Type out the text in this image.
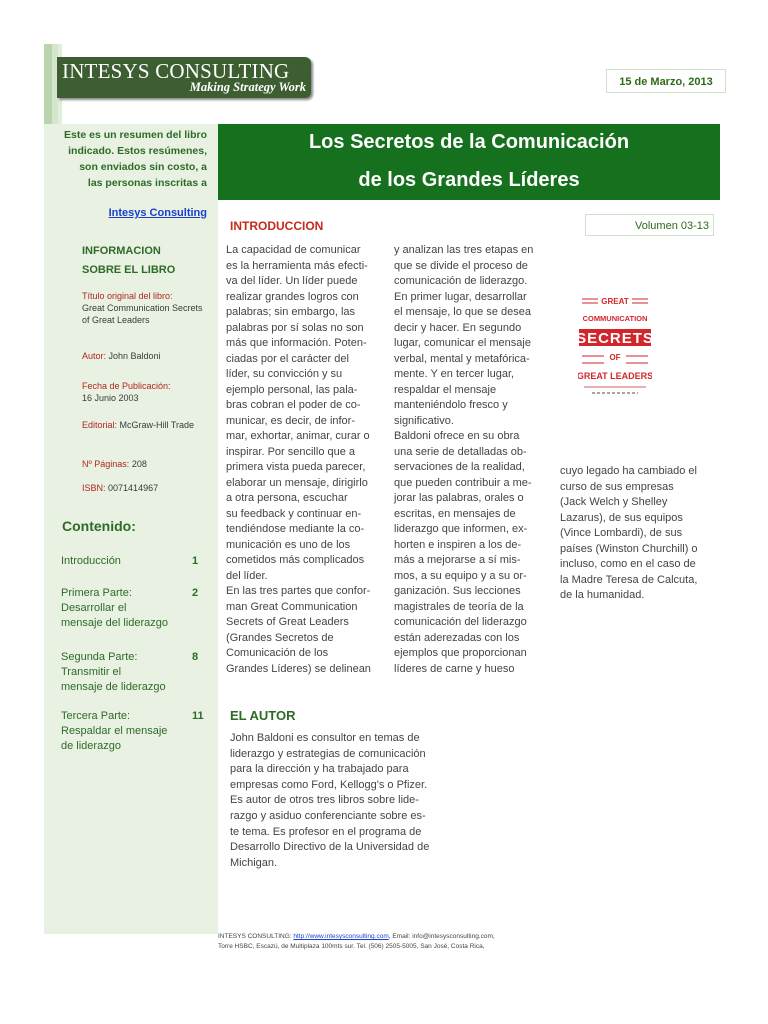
INTESYS CONSULTING
Making Strategy Work	15 de Marzo, 2013
Los Secretos de la Comunicación
de los Grandes Líderes
Este es un resumen del libro indicado. Estos resúmenes, son enviados sin costo, a las personas inscritas a
Intesys Consulting
INFORMACION
SOBRE EL LIBRO
Título original del libro:
Great Communication Secrets of Great Leaders
Autor: John Baldoni
Fecha de Publicación:
16 Junio 2003
Editorial: McGraw-Hill Trade
Nº Páginas: 208
ISBN: 0071414967
Contenido:
Introducción	1
Primera Parte:
Desarrollar el
mensaje del liderazgo
2
Segunda Parte:
Transmitir el
mensaje de liderazgo
8
Tercera Parte:
Respaldar el mensaje
de liderazgo
11
INTRODUCCION	Volumen 03-13
La capacidad de comunicar
es la herramienta más efecti-
va del líder. Un líder puede
realizar grandes logros con
palabras; sin embargo, las
palabras por sí solas no son
más que información. Poten-
ciadas por el carácter del
líder, su convicción y su
ejemplo personal, las pala-
bras cobran el poder de co-
municar, es decir, de infor-
mar, exhortar, animar, curar o
inspirar. Por sencillo que a
primera vista pueda parecer,
elaborar un mensaje, dirigirlo
a otra persona, escuchar
su feedback y continuar en-
tendiéndose mediante la co-
municación es uno de los
cometidos más complicados
del líder.
En las tres partes que confor-
man Great Communication
Secrets of Great Leaders
(Grandes Secretos de
Comunicación de los
Grandes Líderes) se delinean
y analizan las tres etapas en
que se divide el proceso de
comunicación de liderazgo.
En primer lugar, desarrollar
el mensaje, lo que se desea
decir y hacer. En segundo
lugar, comunicar el mensaje
verbal, mental y metafórica-
mente. Y en tercer lugar,
respaldar el mensaje
manteniéndolo fresco y
significativo.
Baldoni ofrece en su obra
una serie de detalladas ob-
servaciones de la realidad,
que pueden contribuir a me-
jorar las palabras, orales o
escritas, en mensajes de
liderazgo que informen, ex-
horten e inspiren a los de-
más a mejorarse a sí mis-
mos, a su equipo y a su or-
ganización. Sus lecciones
magistrales de teoría de la
comunicación del liderazgo
están aderezadas con los
ejemplos que proporcionan
líderes de carne y hueso
cuyo legado ha cambiado el
curso de sus empresas
(Jack Welch y Shelley
Lazarus), de sus equipos
(Vince Lombardi), de sus
países (Winston Churchill) o
incluso, como en el caso de
la Madre Teresa de Calcuta,
de la humanidad.
GREAT
COMMUNICATION
SECRETS
OF
GREAT LEADERS
EL AUTOR
John Baldoni es consultor en temas de
liderazgo y estrategias de comunicación
para la dirección y ha trabajado para
empresas como Ford, Kellogg's o Pfizer.
Es autor de otros tres libros sobre lide-
razgo y asiduo conferenciante sobre es-
te tema. Es profesor en el programa de
Desarrollo Directivo de la Universidad de
Michigan.
INTESYS CONSULTING: http://www.intesysconsulting.com, Email: info@intesysconsulting.com,
Torre HSBC, Escazú, de Multiplaza 100mts sur. Tel. (506) 2505-5005, San José, Costa Rica,
